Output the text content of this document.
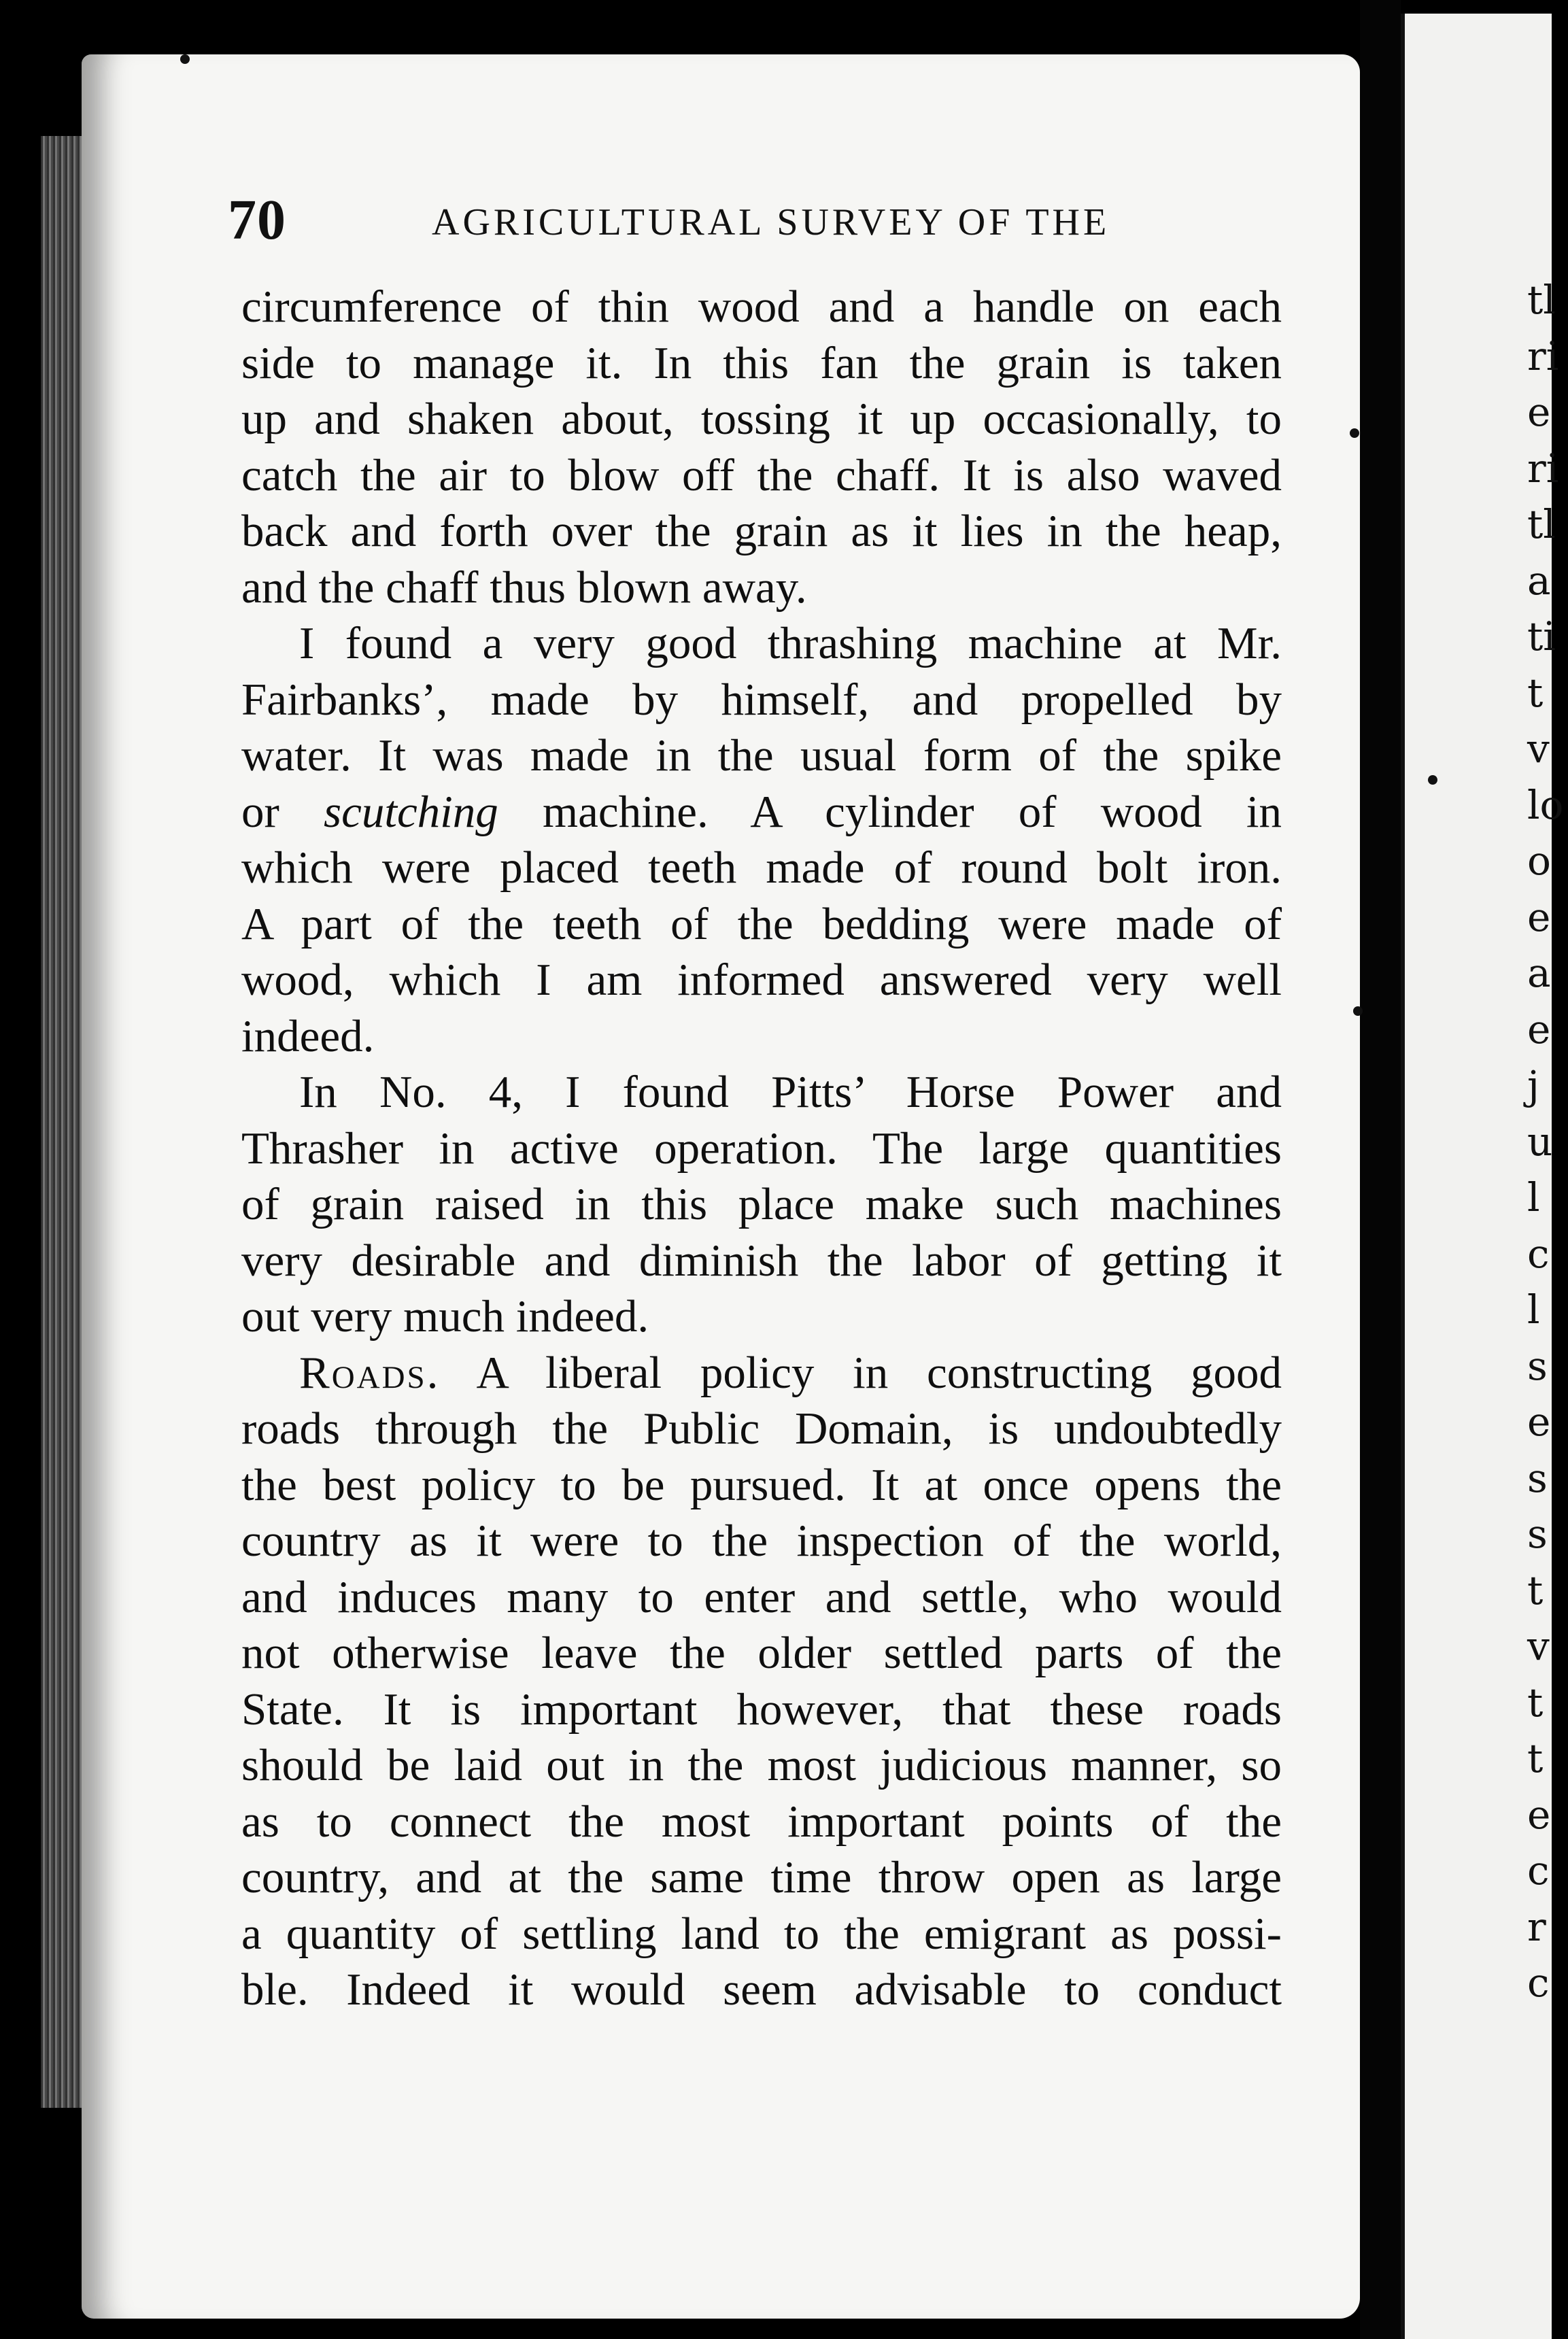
tl
ri
e
ri
tl
a
ti
t
v
lo
o
e
a
e
j
u
l
c
l
s
e
s
s
t
v
t
t
e
c
r
c
70	AGRICULTURAL SURVEY OF THE
circumference of thin wood and a handle on each
side to manage it. In this fan the grain is taken
up and shaken about, tossing it up occasionally, to
catch the air to blow off the chaff. It is also waved
back and forth over the grain as it lies in the heap,
and the chaff thus blown away.
I found a very good thrashing machine at Mr.
Fairbanks’, made by himself, and propelled by
water. It was made in the usual form of the spike
or scutching machine. A cylinder of wood in
which were placed teeth made of round bolt iron.
A part of the teeth of the bedding were made of
wood, which I am informed answered very well
indeed.
In No. 4, I found Pitts’ Horse Power and
Thrasher in active operation. The large quantities
of grain raised in this place make such machines
very desirable and diminish the labor of getting it
out very much indeed.
Roads. A liberal policy in constructing good
roads through the Public Domain, is undoubtedly
the best policy to be pursued. It at once opens the
country as it were to the inspection of the world,
and induces many to enter and settle, who would
not otherwise leave the older settled parts of the
State. It is important however, that these roads
should be laid out in the most judicious manner, so
as to connect the most important points of the
country, and at the same time throw open as large
a quantity of settling land to the emigrant as possi-
ble. Indeed it would seem advisable to conduct
